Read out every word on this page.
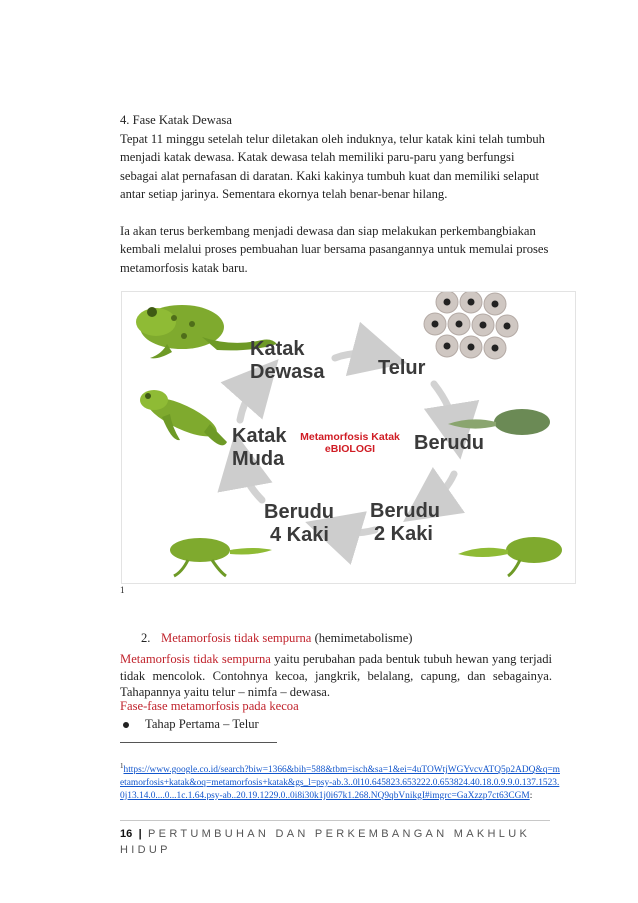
4. Fase Katak Dewasa

Tepat 11 minggu setelah telur diletakan oleh induknya, telur katak kini telah tumbuh menjadi katak dewasa. Katak dewasa telah memiliki paru-paru yang berfungsi sebagai alat pernafasan di daratan. Kaki kakinya tumbuh kuat dan memiliki selaput antar setiap jarinya. Sementara ekornya telah benar-benar hilang.

Ia akan terus berkembang menjadi dewasa dan siap melakukan perkembangbiakan kembali melalui proses pembuahan luar bersama pasangannya untuk memulai proses metamorfosis katak baru.

Katak
Dewasa	Telur
Berudu
Katak
Muda
Berudu
4 Kaki
Berudu
2 Kaki
Metamorfosis Katak
eBIOLOGI
1
2. Metamorfosis tidak sempurna (hemimetabolisme)

Metamorfosis tidak sempurna yaitu perubahan pada bentuk tubuh hewan yang terjadi tidak mencolok. Contohnya kecoa, jangkrik, belalang, capung, dan sebagainya. Tahapannya yaitu telur – nimfa – dewasa.

Fase-fase metamorfosis pada kecoa
Tahap Pertama – Telur

$^1$https://www.google.co.id/search?biw=1366&bih=588&tbm=isch&sa=1&ei=4uTOWtjWGYvcvATQ5p2ADQ&q=metamorfosis+katak&oq=metamorfosis+katak&gs_l=psy-ab.3..0l10.645823.653222.0.653824.40.18.0.9.9.0.137.1523.0j13.14.0....0...1c.1.64.psy-ab..20.19.1229.0..0i8i30k1j0i67k1.268.NQ9qbVnikgI#imgrc=GaXzzp7ct63CGM:

16 | PERTUMBUHAN DAN PERKEMBANGAN MAKHLUK HIDUP
